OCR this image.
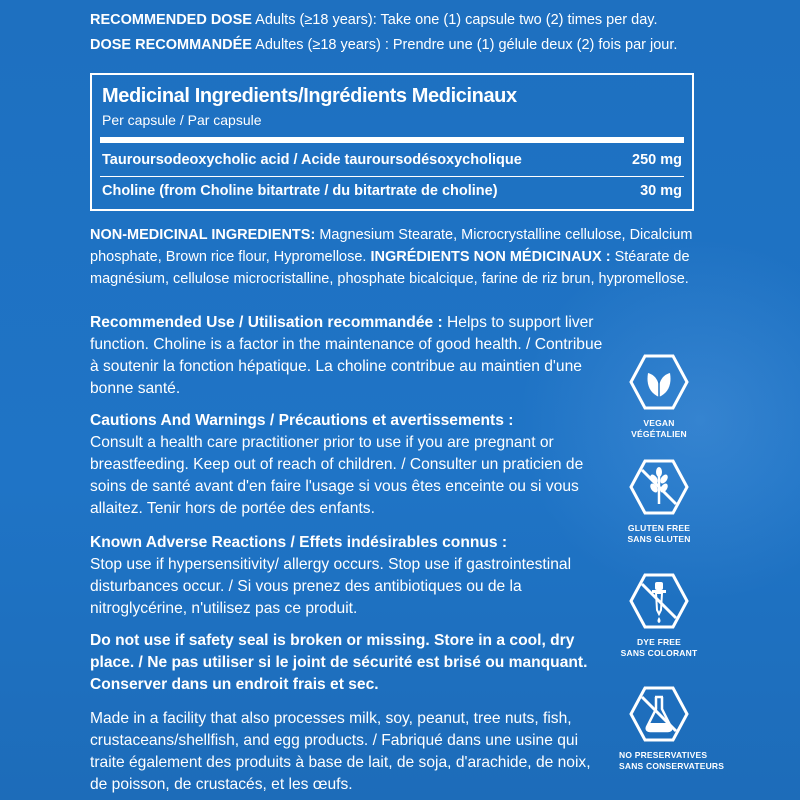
RECOMMENDED DOSE Adults (≥18 years): Take one (1) capsule two (2) times per day.
DOSE RECOMMANDÉE Adultes (≥18 years) : Prendre une (1) gélule deux (2) fois par jour.
Medicinal Ingredients/Ingrédients Medicinaux
Per capsule / Par capsule
Tauroursodeoxycholic acid / Acide tauroursodésoxycholique	250 mg
Choline (from Choline bitartrate / du bitartrate de choline)	30 mg
NON-MEDICINAL INGREDIENTS: Magnesium Stearate, Microcrystalline cellulose, Dicalcium phosphate, Brown rice flour, Hypromellose. INGRÉDIENTS NON MÉDICINAUX : Stéarate de magnésium, cellulose microcristalline, phosphate bicalcique, farine de riz brun, hypromellose.
Recommended Use / Utilisation recommandée : Helps to support liver function. Choline is a factor in the maintenance of good health. / Contribue à soutenir la fonction hépatique. La choline contribue au maintien d'une bonne santé.
Cautions And Warnings / Précautions et avertissements :
Consult a health care practitioner prior to use if you are pregnant or breastfeeding. Keep out of reach of children. / Consulter un praticien de soins de santé avant d'en faire l'usage si vous êtes enceinte ou si vous allaitez. Tenir hors de portée des enfants.
Known Adverse Reactions / Effets indésirables connus :
Stop use if hypersensitivity/ allergy occurs. Stop use if gastrointestinal disturbances occur. / Si vous prenez des antibiotiques ou de la nitroglycérine, n'utilisez pas ce produit.
Do not use if safety seal is broken or missing. Store in a cool, dry place. / Ne pas utiliser si le joint de sécurité est brisé ou manquant. Conserver dans un endroit frais et sec.
Made in a facility that also processes milk, soy, peanut, tree nuts, fish, crustaceans/shellfish, and egg products. / Fabriqué dans une usine qui traite également des produits à base de lait, de soja, d'arachide, de noix, de poisson, de crustacés, et les œufs.
VEGAN
VÉGÉTALIEN
GLUTEN FREE
SANS GLUTEN
DYE FREE
SANS COLORANT
NO PRESERVATIVES
SANS CONSERVATEURS
